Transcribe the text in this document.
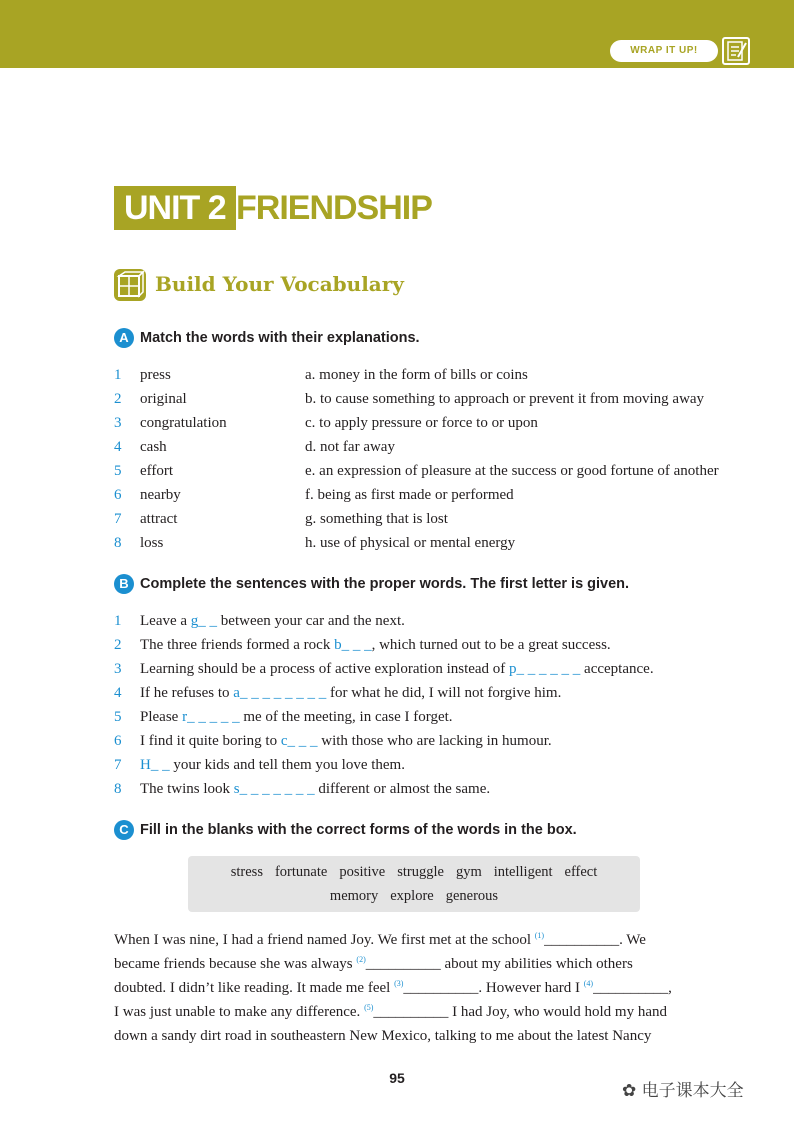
WRAP IT UP!
UNIT 2 FRIENDSHIP
Build Your Vocabulary
A Match the words with their explanations.
1 press	a. money in the form of bills or coins
2 original	b. to cause something to approach or prevent it from moving away
3 congratulation	c. to apply pressure or force to or upon
4 cash	d. not far away
5 effort	e. an expression of pleasure at the success or good fortune of another
6 nearby	f. being as first made or performed
7 attract	g. something that is lost
8 loss	h. use of physical or mental energy
B Complete the sentences with the proper words. The first letter is given.
1 Leave a g_ _ between your car and the next.
2 The three friends formed a rock b_ _ _, which turned out to be a great success.
3 Learning should be a process of active exploration instead of p_ _ _ _ _ _ acceptance.
4 If he refuses to a_ _ _ _ _ _ _ _ for what he did, I will not forgive him.
5 Please r_ _ _ _ _ me of the meeting, in case I forget.
6 I find it quite boring to c_ _ _ with those who are lacking in humour.
7 H_ _ your kids and tell them you love them.
8 The twins look s_ _ _ _ _ _ _ different or almost the same.
C Fill in the blanks with the correct forms of the words in the box.
stress fortunate positive struggle gym intelligent effect
memory explore generous
When I was nine, I had a friend named Joy. We first met at the school $^{(1)}$__________. We
became friends because she was always $^{(2)}$__________ about my abilities which others
doubted. I didn’t like reading. It made me feel $^{(3)}$__________. However hard I $^{(4)}$__________,
I was just unable to make any difference. $^{(5)}$__________ I had Joy, who would hold my hand
down a sandy dirt road in southeastern New Mexico, talking to me about the latest Nancy
95
✿ 电子课本大全
